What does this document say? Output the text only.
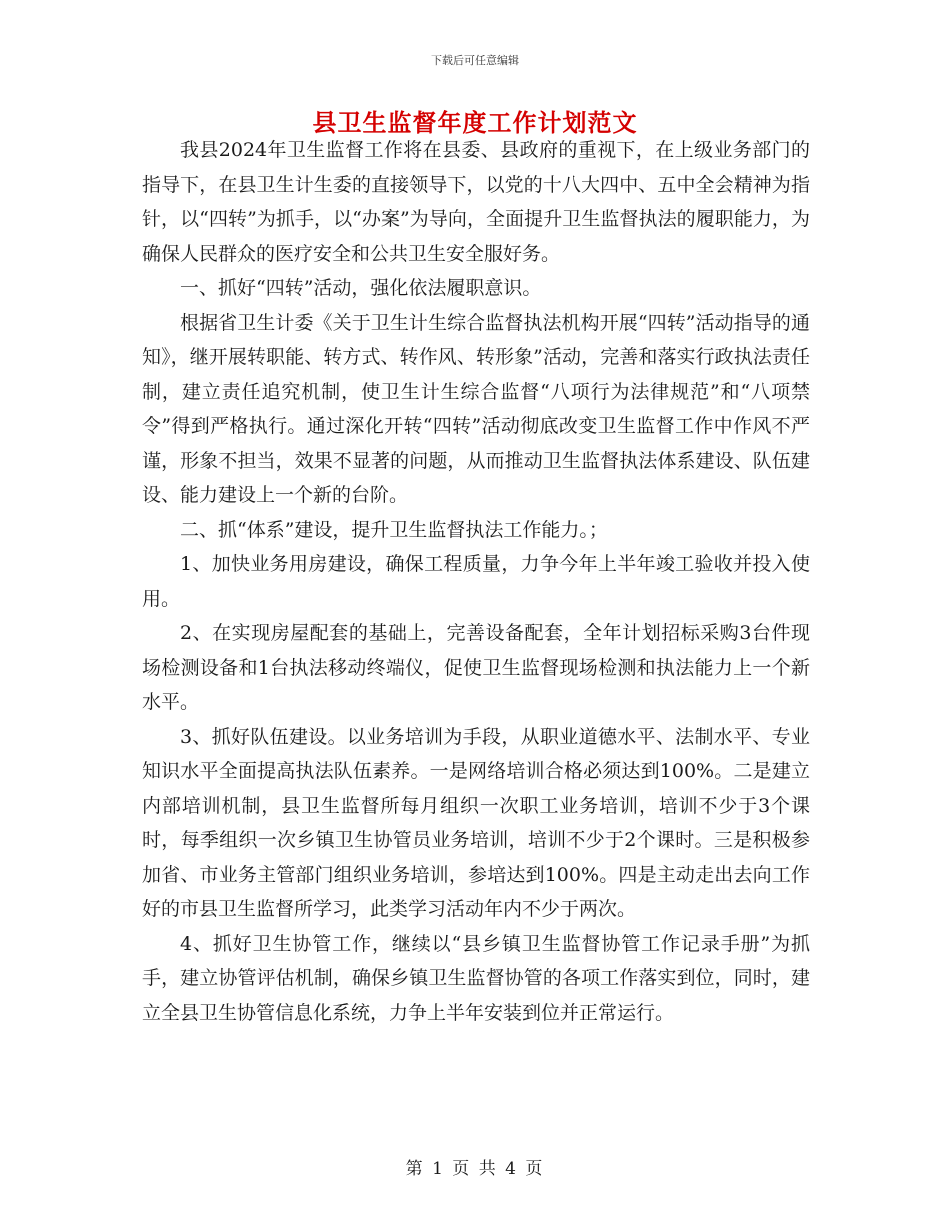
下载后可任意编辑
县卫生监督年度工作计划范文

我县2024年卫生监督工作将在县委、县政府的重视下，在上级业务部门的指导下，在县卫生计生委的直接领导下，以党的十八大四中、五中全会精神为指针，以“四转”为抓手，以“办案”为导向，全面提升卫生监督执法的履职能力，为确保人民群众的医疗安全和公共卫生安全服好务。

一、抓好“四转”活动，强化依法履职意识。

根据省卫生计委《关于卫生计生综合监督执法机构开展“四转”活动指导的通知》，继开展转职能、转方式、转作风、转形象”活动，完善和落实行政执法责任制，建立责任追究机制，使卫生计生综合监督“八项行为法律规范”和“八项禁令”得到严格执行。通过深化开转“四转”活动彻底改变卫生监督工作中作风不严谨，形象不担当，效果不显著的问题，从而推动卫生监督执法体系建设、队伍建设、能力建设上一个新的台阶。

二、抓“体系”建设，提升卫生监督执法工作能力。；

1、加快业务用房建设，确保工程质量，力争今年上半年竣工验收并投入使用。

2、在实现房屋配套的基础上，完善设备配套，全年计划招标采购3台件现场检测设备和1台执法移动终端仪，促使卫生监督现场检测和执法能力上一个新水平。

3、抓好队伍建设。以业务培训为手段，从职业道德水平、法制水平、专业知识水平全面提高执法队伍素养。一是网络培训合格必须达到100%。二是建立内部培训机制，县卫生监督所每月组织一次职工业务培训，培训不少于3个课时，每季组织一次乡镇卫生协管员业务培训，培训不少于2个课时。三是积极参加省、市业务主管部门组织业务培训，参培达到100%。四是主动走出去向工作好的市县卫生监督所学习，此类学习活动年内不少于两次。

4、抓好卫生协管工作，继续以“县乡镇卫生监督协管工作记录手册”为抓手，建立协管评估机制，确保乡镇卫生监督协管的各项工作落实到位，同时，建立全县卫生协管信息化系统，力争上半年安装到位并正常运行。

第 1 页 共 4 页
